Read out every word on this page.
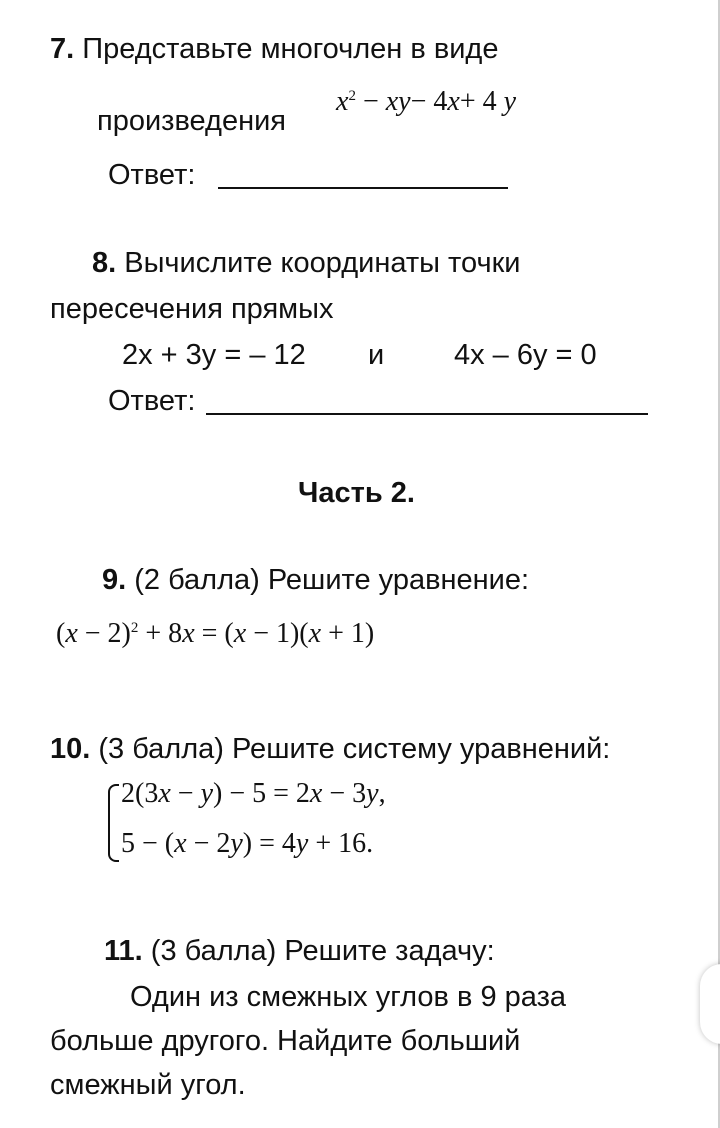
7. Представьте многочлен в виде
произведения
$x^2 - xy- 4x+ 4$ y
Ответ:
8. Вычислите координаты точки
пересечения прямых
2х + 3у = – 12 и 4х – 6у = 0
Ответ:
Часть 2.
9. (2 балла) Решите уравнение:
$(x - 2)^2 + 8x = (x - 1)(x + 1)$
10. (3 балла) Решите систему уравнений:
2(3x − y) − 5 = 2x − 3y,
5 − (x − 2y) = 4y + 16.
11. (3 балла) Решите задачу:
Один из смежных углов в 9 раза
больше другого. Найдите больший
смежный угол.
